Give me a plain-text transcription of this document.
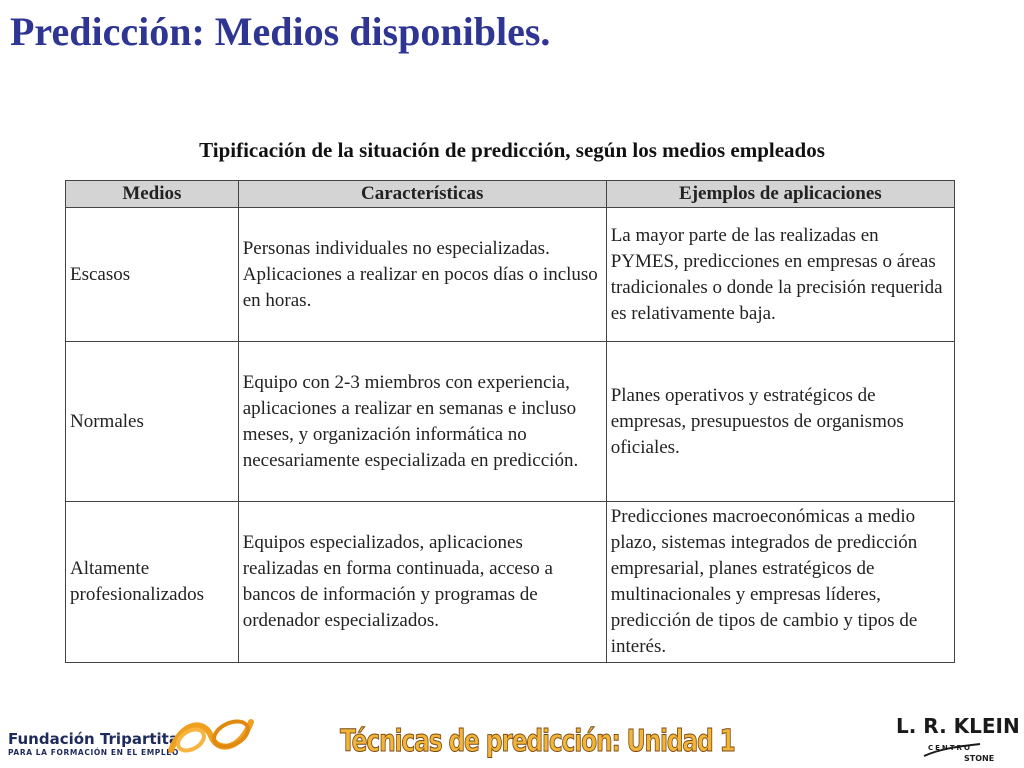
Predicción: Medios disponibles.
Tipificación de la situación de predicción, según los medios empleados
Medios	Características	Ejemplos de aplicaciones
Escasos	Personas individuales no especializadas. Aplicaciones a realizar en pocos días o incluso en horas.	La mayor parte de las realizadas en PYMES, predicciones en empresas o áreas tradicionales o donde la precisión requerida es relativamente baja.
Normales	Equipo con 2-3 miembros con experiencia, aplicaciones a realizar en semanas e incluso meses, y organización informática no necesariamente especializada en predicción.	Planes operativos y estratégicos de empresas, presupuestos de organismos oficiales.
Altamente profesionalizados	Equipos especializados, aplicaciones realizadas en forma continuada, acceso a bancos de información y programas de ordenador especializados.	Predicciones macroeconómicas a medio plazo, sistemas integrados de predicción empresarial, planes estratégicos de multinacionales y empresas líderes, predicción de tipos de cambio y tipos de interés.
Fundación Tripartita
PARA LA FORMACIÓN EN EL EMPLEO	Técnicas de predicción: Unidad 1	L. R. KLEIN
CENTRO
STONE
